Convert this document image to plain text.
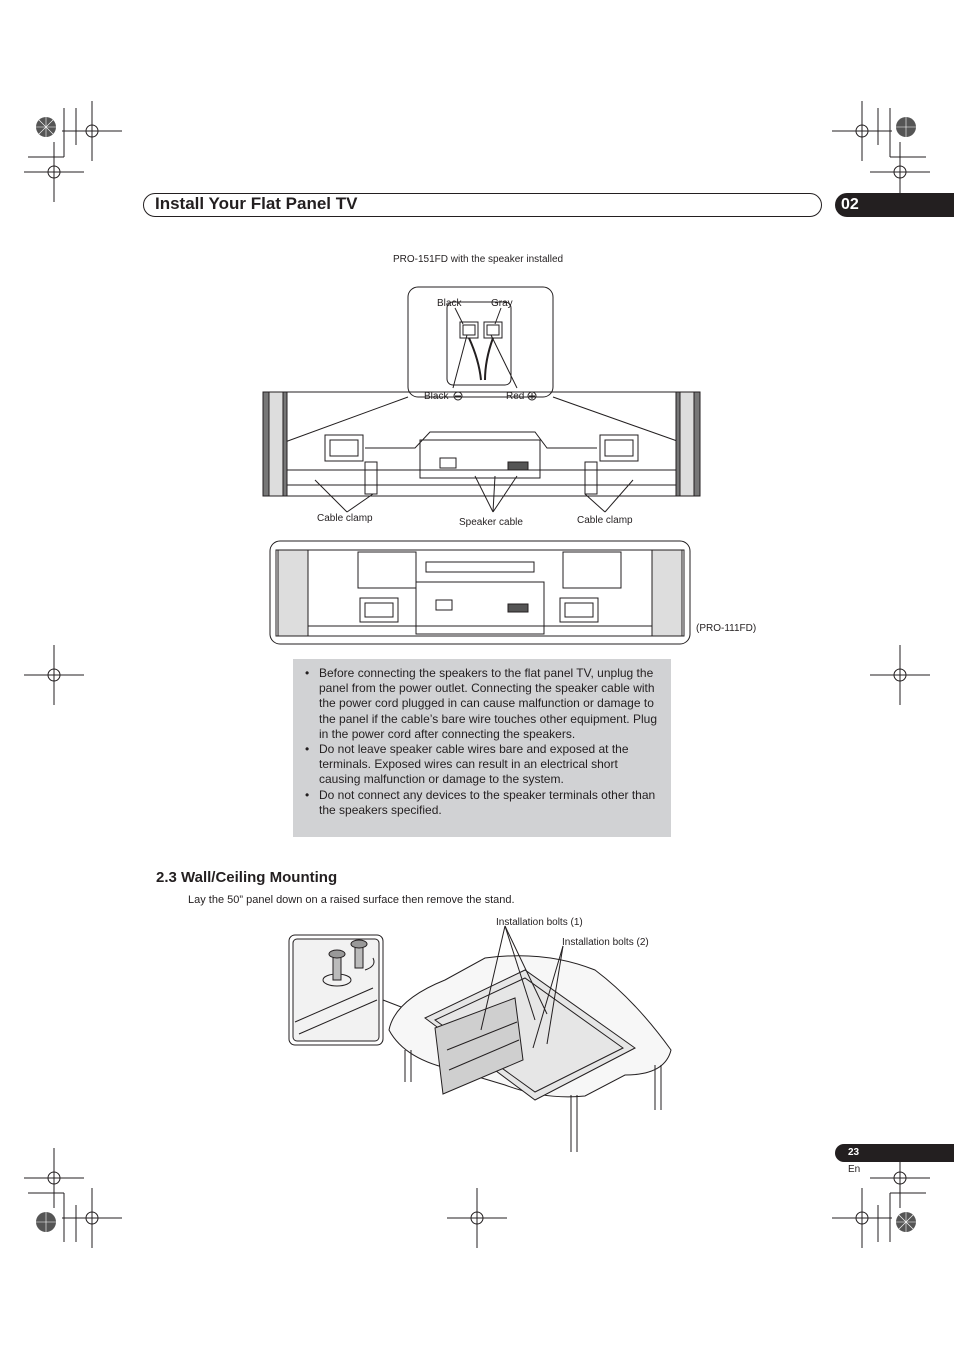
Install Your Flat Panel TV	02
PRO-151FD with the speaker installed
Black	Gray
Black	Red
Cable clamp	Speaker cable	Cable clamp
(PRO-111FD)
• Before connecting the speakers to the flat panel TV, unplug the panel from the power outlet. Connecting the speaker cable with the power cord plugged in can cause malfunction or damage to the panel if the cable’s bare wire touches other equipment. Plug in the power cord after connecting the speakers.
• Do not leave speaker cable wires bare and exposed at the terminals. Exposed wires can result in an electrical short causing malfunction or damage to the system.
• Do not connect any devices to the speaker terminals other than the speakers specified.
2.3 Wall/Ceiling Mounting
Lay the 50” panel down on a raised surface then remove the stand.
Installation bolts (1)
Installation bolts (2)
23
En
